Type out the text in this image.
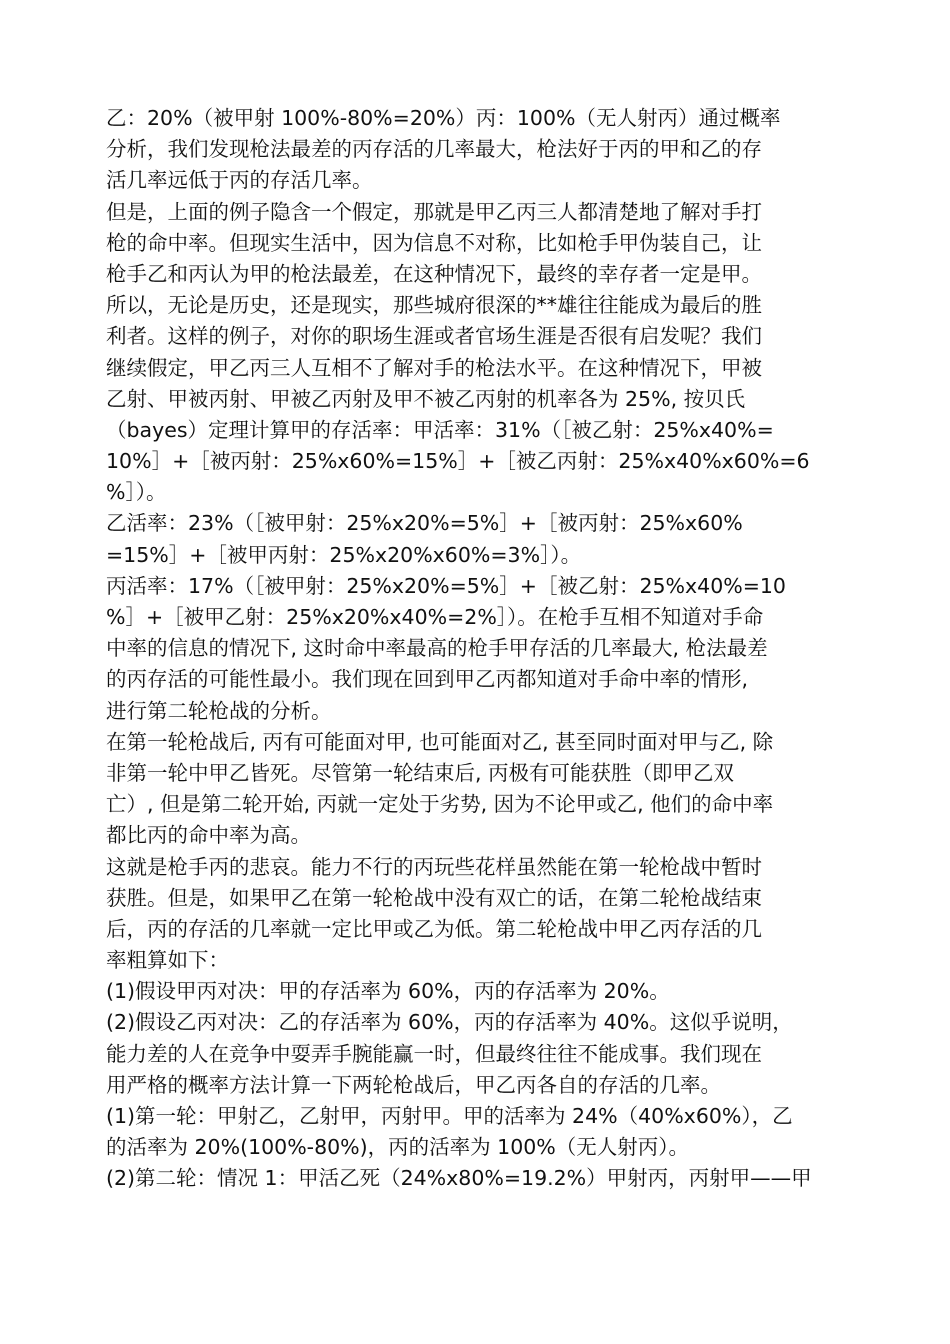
乙：20%（被甲射 100%-80%=20%）丙：100%（无人射丙）通过概率
分析，我们发现枪法最差的丙存活的几率最大，枪法好于丙的甲和乙的存
活几率远低于丙的存活几率。
但是，上面的例子隐含一个假定，那就是甲乙丙三人都清楚地了解对手打
枪的命中率。但现实生活中，因为信息不对称，比如枪手甲伪装自己，让
枪手乙和丙认为甲的枪法最差，在这种情况下，最终的幸存者一定是甲。
所以，无论是历史，还是现实，那些城府很深的**雄往往能成为最后的胜
利者。这样的例子，对你的职场生涯或者官场生涯是否很有启发呢？我们
继续假定，甲乙丙三人互相不了解对手的枪法水平。在这种情况下，甲被
乙射、甲被丙射、甲被乙丙射及甲不被乙丙射的机率各为 25%, 按贝氏
（bayes）定理计算甲的存活率：甲活率：31%（［被乙射：25%x40%=
10%］+［被丙射：25%x60%=15%］+［被乙丙射：25%x40%x60%=6
%］）。
乙活率：23%（［被甲射：25%x20%=5%］+［被丙射：25%x60%
=15%］+［被甲丙射：25%x20%x60%=3%］）。
丙活率：17%（［被甲射：25%x20%=5%］+［被乙射：25%x40%=10
%］+［被甲乙射：25%x20%x40%=2%］）。在枪手互相不知道对手命
中率的信息的情况下, 这时命中率最高的枪手甲存活的几率最大, 枪法最差
的丙存活的可能性最小。我们现在回到甲乙丙都知道对手命中率的情形,
进行第二轮枪战的分析。
在第一轮枪战后, 丙有可能面对甲, 也可能面对乙, 甚至同时面对甲与乙, 除
非第一轮中甲乙皆死。尽管第一轮结束后, 丙极有可能获胜（即甲乙双
亡）, 但是第二轮开始, 丙就一定处于劣势, 因为不论甲或乙, 他们的命中率
都比丙的命中率为高。
这就是枪手丙的悲哀。能力不行的丙玩些花样虽然能在第一轮枪战中暂时
获胜。但是，如果甲乙在第一轮枪战中没有双亡的话，在第二轮枪战结束
后，丙的存活的几率就一定比甲或乙为低。第二轮枪战中甲乙丙存活的几
率粗算如下：
(1)假设甲丙对决：甲的存活率为 60%，丙的存活率为 20%。
(2)假设乙丙对决：乙的存活率为 60%，丙的存活率为 40%。这似乎说明，
能力差的人在竞争中耍弄手腕能赢一时，但最终往往不能成事。我们现在
用严格的概率方法计算一下两轮枪战后，甲乙丙各自的存活的几率。
(1)第一轮：甲射乙，乙射甲，丙射甲。甲的活率为 24%（40%x60%），乙
的活率为 20%(100%-80%)，丙的活率为 100%（无人射丙）。
(2)第二轮：情况 1：甲活乙死（24%x80%=19.2%）甲射丙，丙射甲——甲
